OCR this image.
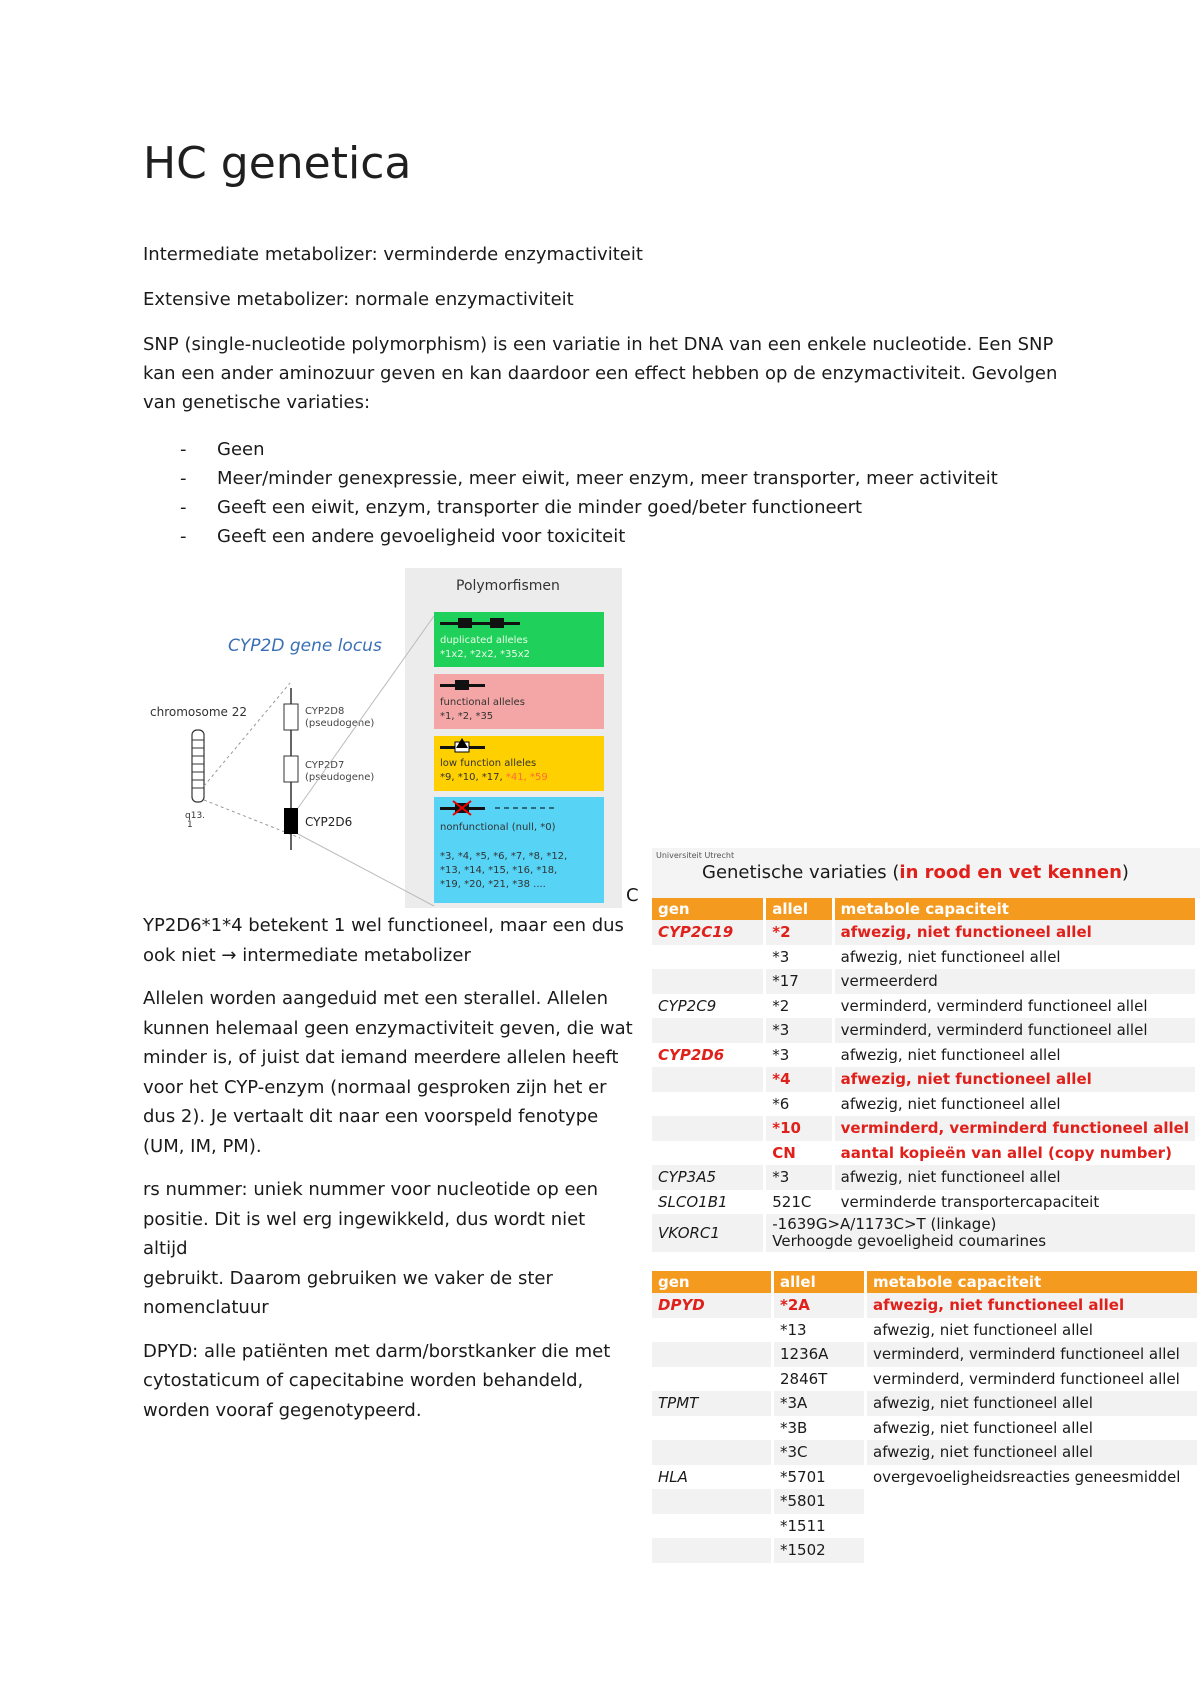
HC genetica

Intermediate metabolizer: verminderde enzymactiviteit

Extensive metabolizer: normale enzymactiviteit

SNP (single-nucleotide polymorphism) is een variatie in het DNA van een enkele nucleotide. Een SNP
kan een ander aminozuur geven en kan daardoor een effect hebben op de enzymactiviteit. Gevolgen
van genetische variaties:
- Geen
- Meer/minder genexpressie, meer eiwit, meer enzym, meer transporter, meer activiteit
- Geeft een eiwit, enzym, transporter die minder goed/beter functioneert
- Geeft een andere gevoeligheid voor toxiciteit
Polymorfismen
CYP2D gene locus
chromosome 22
q13.
1
CYP2D8
(pseudogene)
CYP2D7
(pseudogene)
CYP2D6
duplicated alleles
*1x2, *2x2, *35x2
functional alleles
*1, *2, *35
low function alleles
*9, *10, *17, *41, *59
nonfunctional (null, *0)
*3, *4, *5, *6, *7, *8, *12,
*13, *14, *15, *16, *18,
*19, *20, *21, *38 ....
C

YP2D6*1*4 betekent 1 wel functioneel, maar een dus
ook niet → intermediate metabolizer

Allelen worden aangeduid met een sterallel. Allelen
kunnen helemaal geen enzymactiviteit geven, die wat
minder is, of juist dat iemand meerdere allelen heeft
voor het CYP-enzym (normaal gesproken zijn het er
dus 2). Je vertaalt dit naar een voorspeld fenotype
(UM, IM, PM).

rs nummer: uniek nummer voor nucleotide op een
positie. Dit is wel erg ingewikkeld, dus wordt niet altijd
gebruikt. Daarom gebruiken we vaker de ster
nomenclatuur

DPYD: alle patiënten met darm/borstkanker die met
cytostaticum of capecitabine worden behandeld,
worden vooraf gegenotypeerd.

Universiteit Utrecht
Genetische variaties (in rood en vet kennen)
gen	allel	metabole capaciteit
CYP2C19	*2	afwezig, niet functioneel allel
	*3	afwezig, niet functioneel allel
	*17	vermeerderd
CYP2C9	*2	verminderd, verminderd functioneel allel
	*3	verminderd, verminderd functioneel allel
CYP2D6	*3	afwezig, niet functioneel allel
	*4	afwezig, niet functioneel allel
	*6	afwezig, niet functioneel allel
	*10	verminderd, verminderd functioneel allel
	CN	aantal kopieën van allel (copy number)
CYP3A5	*3	afwezig, niet functioneel allel
SLCO1B1	521C	verminderde transportercapaciteit
VKORC1	-1639G>A/1173C>T (linkage)
Verhoogde gevoeligheid coumarines	
gen	allel	metabole capaciteit
DPYD	*2A	afwezig, niet functioneel allel
	*13	afwezig, niet functioneel allel
	1236A	verminderd, verminderd functioneel allel
	2846T	verminderd, verminderd functioneel allel
TPMT	*3A	afwezig, niet functioneel allel
	*3B	afwezig, niet functioneel allel
	*3C	afwezig, niet functioneel allel
HLA	*5701	overgevoeligheidsreacties geneesmiddel
	*5801	
	*1511	
	*1502	
